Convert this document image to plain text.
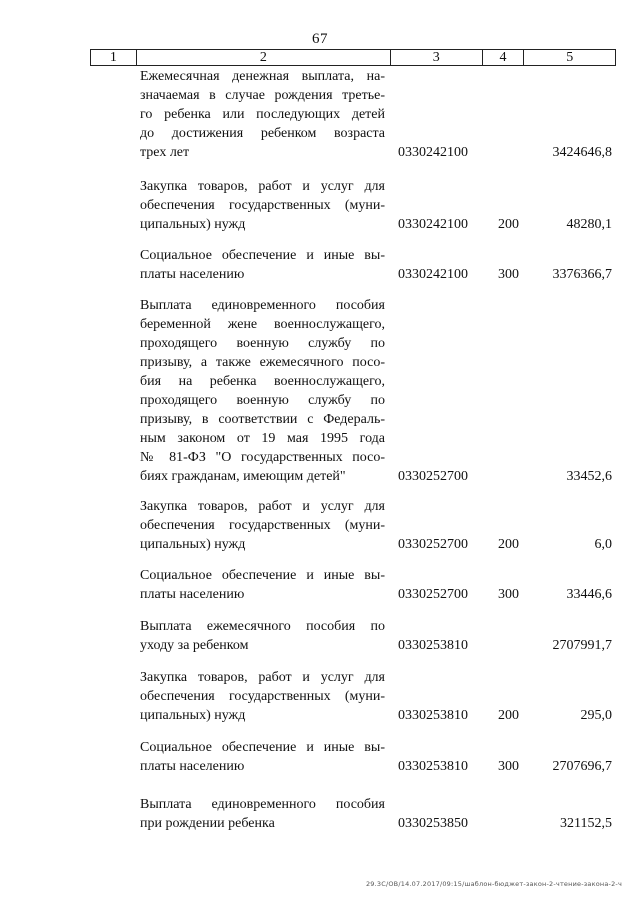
67
1	2	3	4	5
Ежемесячная денежная выплата, на-
значаемая в случае рождения третье-
го ребенка или последующих детей
до достижения ребенком возраста
трех лет	0330242100	3424646,8
Закупка товаров, работ и услуг для
обеспечения государственных (муни-
ципальных) нужд	0330242100 200	48280,1
Социальное обеспечение и иные вы-
платы населению	0330242100 300 3376366,7
Выплата единовременного пособия
беременной жене военнослужащего,
проходящего военную службу по
призыву, а также ежемесячного посо-
бия на ребенка военнослужащего,
проходящего военную службу по
призыву, в соответствии с Федераль-
ным законом от 19 мая 1995 года
№ 81-ФЗ "О государственных посо-
биях гражданам, имеющим детей"	0330252700	33452,6
Закупка товаров, работ и услуг для
обеспечения государственных (муни-
ципальных) нужд	0330252700 200	6,0
Социальное обеспечение и иные вы-
платы населению	0330252700 300	33446,6
Выплата ежемесячного пособия по
уходу за ребенком	0330253810	2707991,7
Закупка товаров, работ и услуг для
обеспечения государственных (муни-
ципальных) нужд	0330253810 200	295,0
Социальное обеспечение и иные вы-
платы населению	0330253810 300 2707696,7
Выплата единовременного пособия
при рождении ребенка	0330253850	321152,5
29.3С/ОВ/14.07.2017/09:15/шаблон-бюджет-закон-2-чтение-закона-2-ч
